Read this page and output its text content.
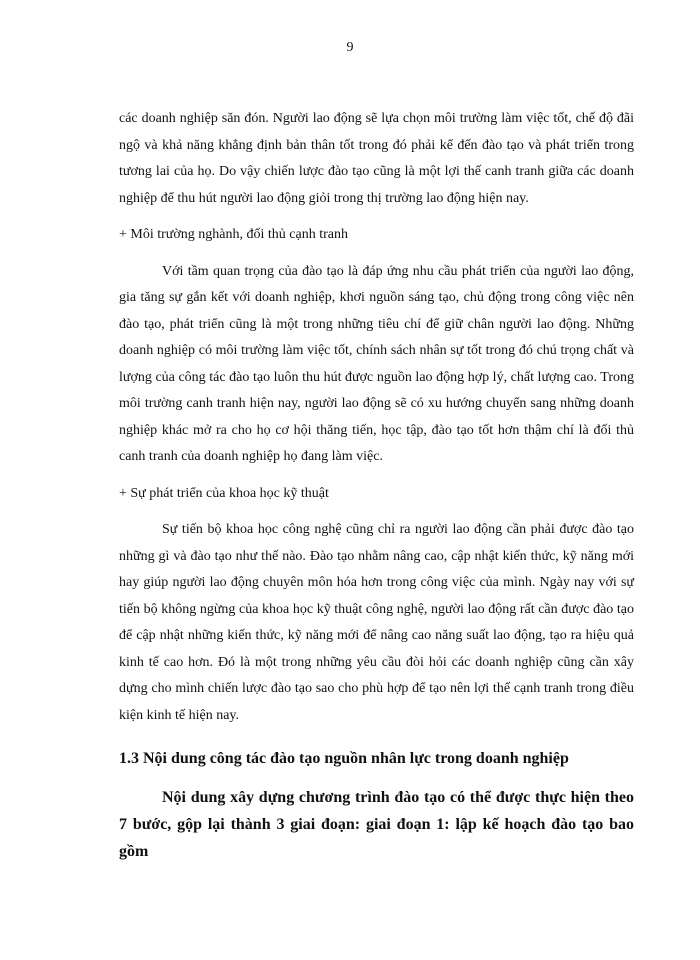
9

các doanh nghiệp săn đón. Người lao động sẽ lựa chọn môi trường làm việc tốt, chế độ đãi ngộ và khả năng khẳng định bản thân tốt trong đó phải kể đến đào tạo và phát triển trong tương lai của họ. Do vậy chiến lược đào tạo cũng là một lợi thế canh tranh giữa các doanh nghiệp để thu hút người lao động giỏi trong thị trường lao động hiện nay.

+ Môi trường nghành, đối thủ cạnh tranh

Với tầm quan trọng của đào tạo là đáp ứng nhu cầu phát triển của người lao động, gia tăng sự gắn kết với doanh nghiệp, khơi nguồn sáng tạo, chủ động trong công việc nên đào tạo, phát triển cũng là một trong những tiêu chí để giữ chân người lao động. Những doanh nghiệp có môi trường làm việc tốt, chính sách nhân sự tốt trong đó chú trọng chất và lượng của công tác đào tạo luôn thu hút được nguồn lao động hợp lý, chất lượng cao. Trong môi trường canh tranh hiện nay, người lao động sẽ có xu hướng chuyển sang những doanh nghiệp khác mở ra cho họ cơ hội thăng tiến, học tập, đào tạo tốt hơn thậm chí là đối thủ canh tranh của doanh nghiệp họ đang làm việc.

+ Sự phát triển của khoa học kỹ thuật

Sự tiến bộ khoa học công nghệ cũng chỉ ra người lao động cần phải được đào tạo những gì và đào tạo như thế nào. Đào tạo nhằm nâng cao, cập nhật kiến thức, kỹ năng mới hay giúp người lao động chuyên môn hóa hơn trong công việc của mình. Ngày nay với sự tiến bộ không ngừng của khoa học kỹ thuật công nghệ, người lao động rất cần được đào tạo để cập nhật những kiến thức, kỹ năng mới để nâng cao năng suất lao động, tạo ra hiệu quả kinh tế cao hơn. Đó là một trong những yêu cầu đòi hỏi các doanh nghiệp cũng cần xây dựng cho mình chiến lược đào tạo sao cho phù hợp để tạo nên lợi thế cạnh tranh trong điều kiện kinh tế hiện nay.

1.3 Nội dung công tác đào tạo nguồn nhân lực trong doanh nghiệp

Nội dung xây dựng chương trình đào tạo có thể được thực hiện theo 7 bước, gộp lại thành 3 giai đoạn: giai đoạn 1: lập kế hoạch đào tạo bao gồm
